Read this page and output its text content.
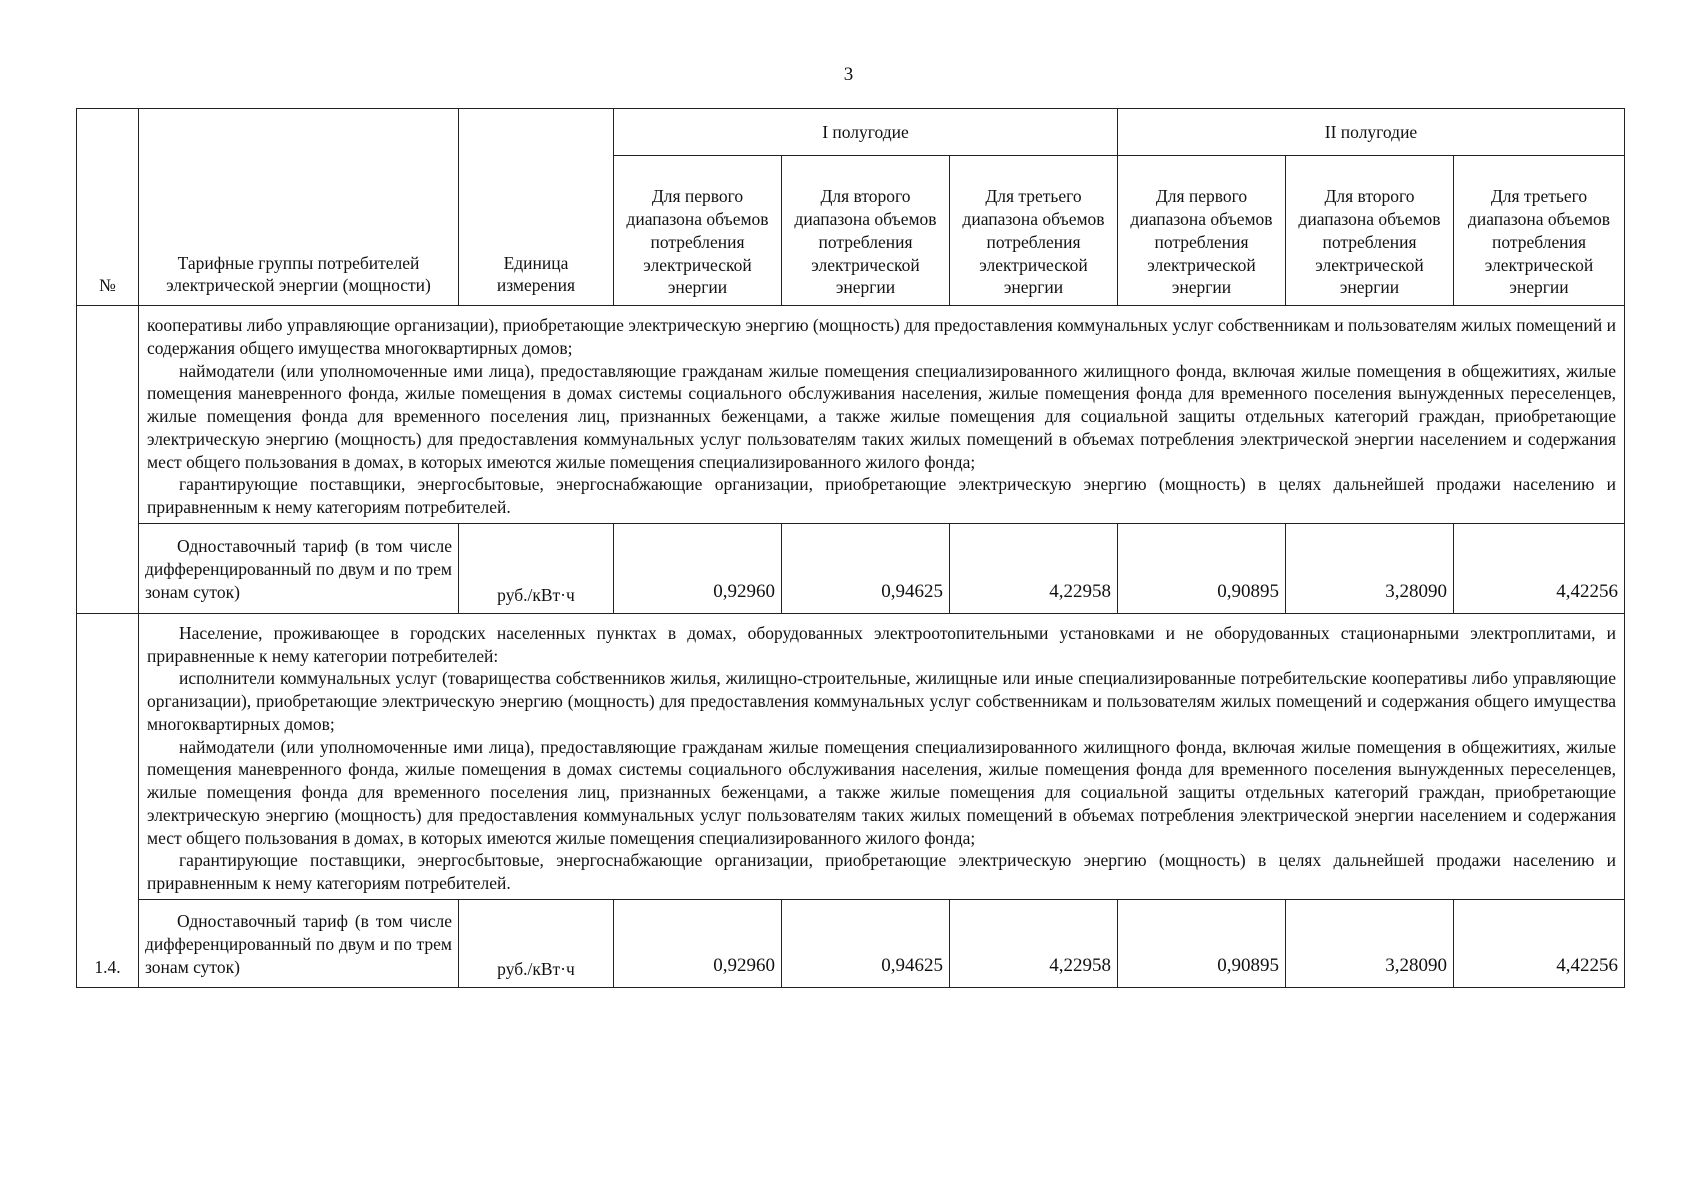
3
№	Тарифные группы потребителей электрической энергии (мощности)	Единица измерения	I полугодие			II полугодие		
			Для первого диапазона объемов потребления электрической энергии	Для второго диапазона объемов потребления электрической энергии	Для третьего диапазона объемов потребления электрической энергии	Для первого диапазона объемов потребления электрической энергии	Для второго диапазона объемов потребления электрической энергии	Для третьего диапазона объемов потребления электрической энергии

	кооперативы либо управляющие организации), приобретающие электрическую энергию (мощность) для предоставления коммунальных услуг собственникам и пользователям жилых помещений и содержания общего имущества многоквартирных домов;

наймодатели (или уполномоченные ими лица), предоставляющие гражданам жилые помещения специализированного жилищного фонда, включая жилые помещения в общежитиях, жилые помещения маневренного фонда, жилые помещения в домах системы социального обслуживания населения, жилые помещения фонда для временного поселения вынужденных переселенцев, жилые помещения фонда для временного поселения лиц, признанных беженцами, а также жилые помещения для социальной защиты отдельных категорий граждан, приобретающие электрическую энергию (мощность) для предоставления коммунальных услуг пользователям таких жилых помещений в объемах потребления электрической энергии населением и содержания мест общего пользования в домах, в которых имеются жилые помещения специализированного жилого фонда;

гарантирующие поставщики, энергосбытовые, энергоснабжающие организации, приобретающие электрическую энергию (мощность) в целях дальнейшей продажи населению и приравненным к нему категориям потребителей.							

	Одноставочный тариф (в том числе дифференцированный по двум и по трем зонам суток)	руб./кВт·ч	0,92960	0,94625	4,22958	0,90895	3,28090	4,42256
1.4.	Население, проживающее в городских населенных пунктах в домах, оборудованных электроотопительными установками и не оборудованных стационарными электроплитами, и приравненные к нему категории потребителей:

исполнители коммунальных услуг (товарищества собственников жилья, жилищно-строительные, жилищные или иные специализированные потребительские кооперативы либо управляющие организации), приобретающие электрическую энергию (мощность) для предоставления коммунальных услуг собственникам и пользователям жилых помещений и содержания общего имущества многоквартирных домов;

наймодатели (или уполномоченные ими лица), предоставляющие гражданам жилые помещения специализированного жилищного фонда, включая жилые помещения в общежитиях, жилые помещения маневренного фонда, жилые помещения в домах системы социального обслуживания населения, жилые помещения фонда для временного поселения вынужденных переселенцев, жилые помещения фонда для временного поселения лиц, признанных беженцами, а также жилые помещения для социальной защиты отдельных категорий граждан, приобретающие электрическую энергию (мощность) для предоставления коммунальных услуг пользователям таких жилых помещений в объемах потребления электрической энергии населением и содержания мест общего пользования в домах, в которых имеются жилые помещения специализированного жилого фонда;

гарантирующие поставщики, энергосбытовые, энергоснабжающие организации, приобретающие электрическую энергию (мощность) в целях дальнейшей продажи населению и приравненным к нему категориям потребителей.							

	Одноставочный тариф (в том числе дифференцированный по двум и по трем зонам суток)	руб./кВт·ч	0,92960	0,94625	4,22958	0,90895	3,28090	4,42256
